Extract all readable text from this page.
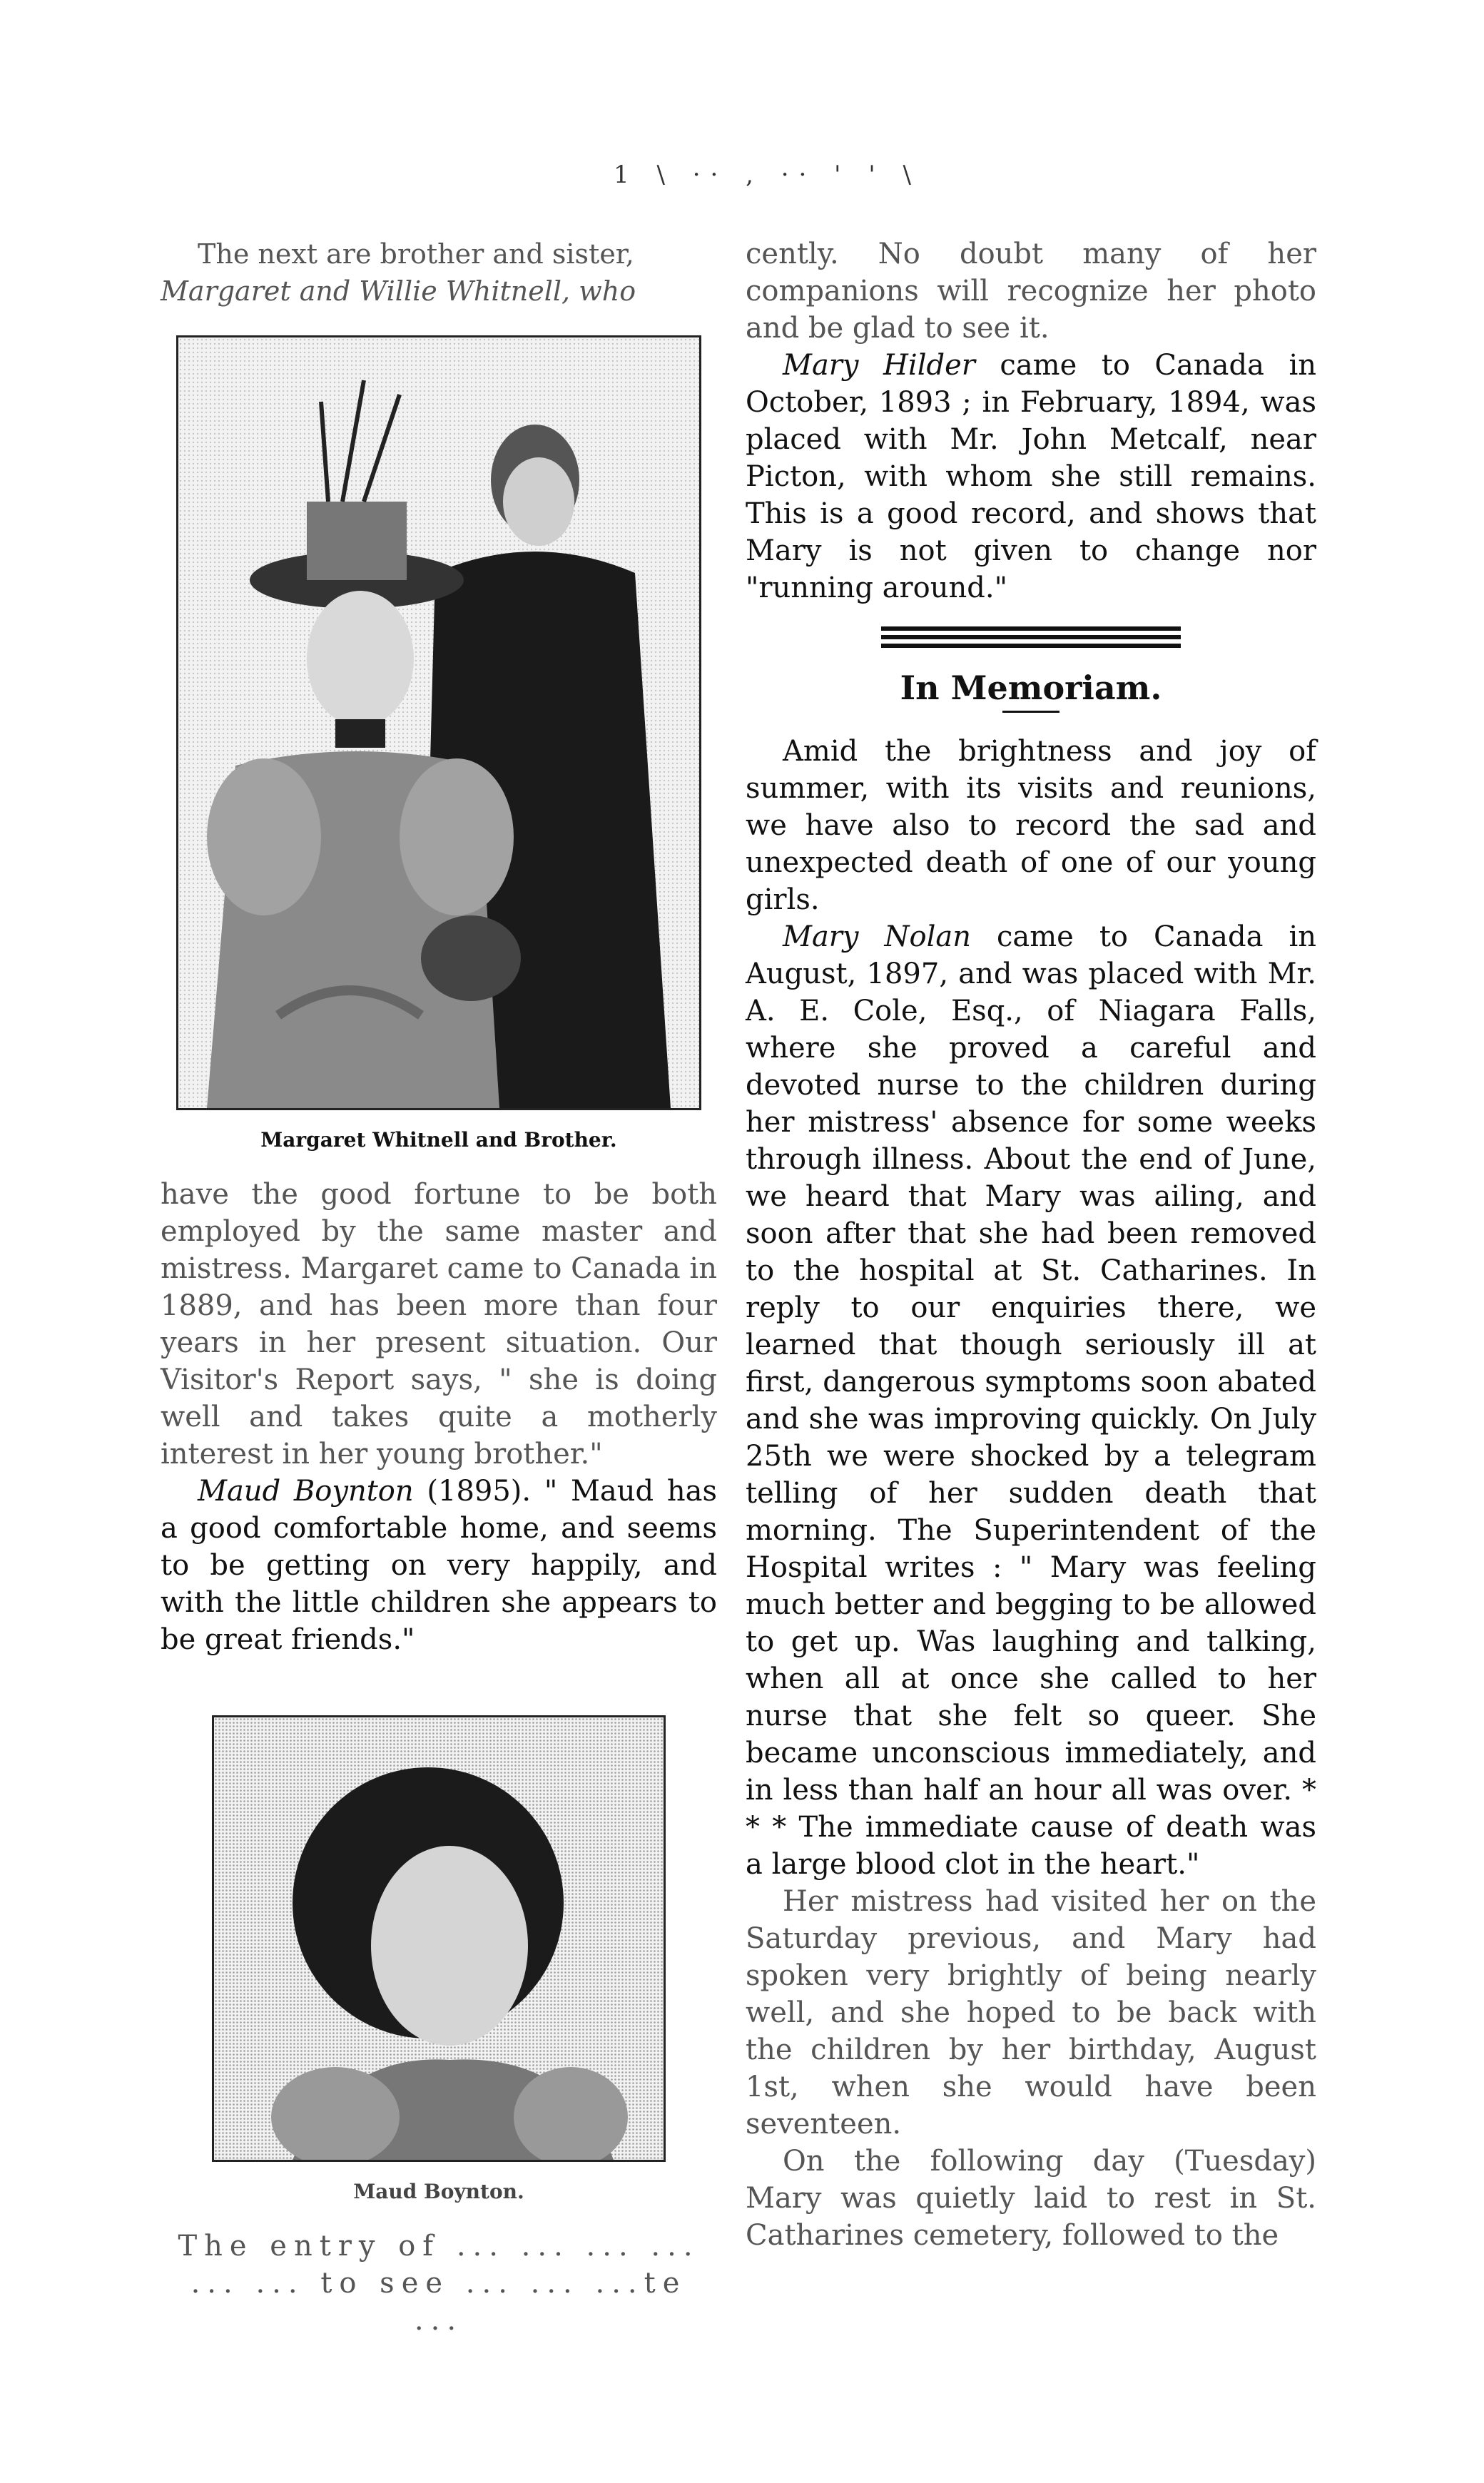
1 \ ·· , ·· ' ' \

The next are brother and sister,

Margaret and Willie Whitnell, who

Margaret Whitnell and Brother.

have the good fortune to be both employed by the same master and mistress. Margaret came to Canada in 1889, and has been more than four years in her present situation. Our Visitor's Report says, " she is doing well and takes quite a motherly interest in her young brother."

Maud Boynton (1895). " Maud has a good comfortable home, and seems to be getting on very happily, and with the little children she appears to be great friends."

Maud Boynton.

The entry of ... ... ... ...

... ... to see ... ... ...te ...

cently. No doubt many of her companions will recognize her photo and be glad to see it.

Mary Hilder came to Canada in October, 1893 ; in February, 1894, was placed with Mr. John Metcalf, near Picton, with whom she still remains. This is a good record, and shows that Mary is not given to change nor "running around."

In Memoriam.

Amid the brightness and joy of summer, with its visits and reunions, we have also to record the sad and unexpected death of one of our young girls.

Mary Nolan came to Canada in August, 1897, and was placed with Mr. A. E. Cole, Esq., of Niagara Falls, where she proved a careful and devoted nurse to the children during her mistress' absence for some weeks through illness. About the end of June, we heard that Mary was ailing, and soon after that she had been removed to the hospital at St. Catharines. In reply to our enquiries there, we learned that though seriously ill at first, dangerous symptoms soon abated and she was improving quickly. On July 25th we were shocked by a telegram telling of her sudden death that morning. The Superintendent of the Hospital writes : " Mary was feeling much better and begging to be allowed to get up. Was laughing and talking, when all at once she called to her nurse that she felt so queer. She became unconscious immediately, and in less than half an hour all was over. * * * The immediate cause of death was a large blood clot in the heart."

Her mistress had visited her on the Saturday previous, and Mary had spoken very brightly of being nearly well, and she hoped to be back with the children by her birthday, August 1st, when she would have been seventeen.

On the following day (Tuesday) Mary was quietly laid to rest in St. Catharines cemetery, followed to the
